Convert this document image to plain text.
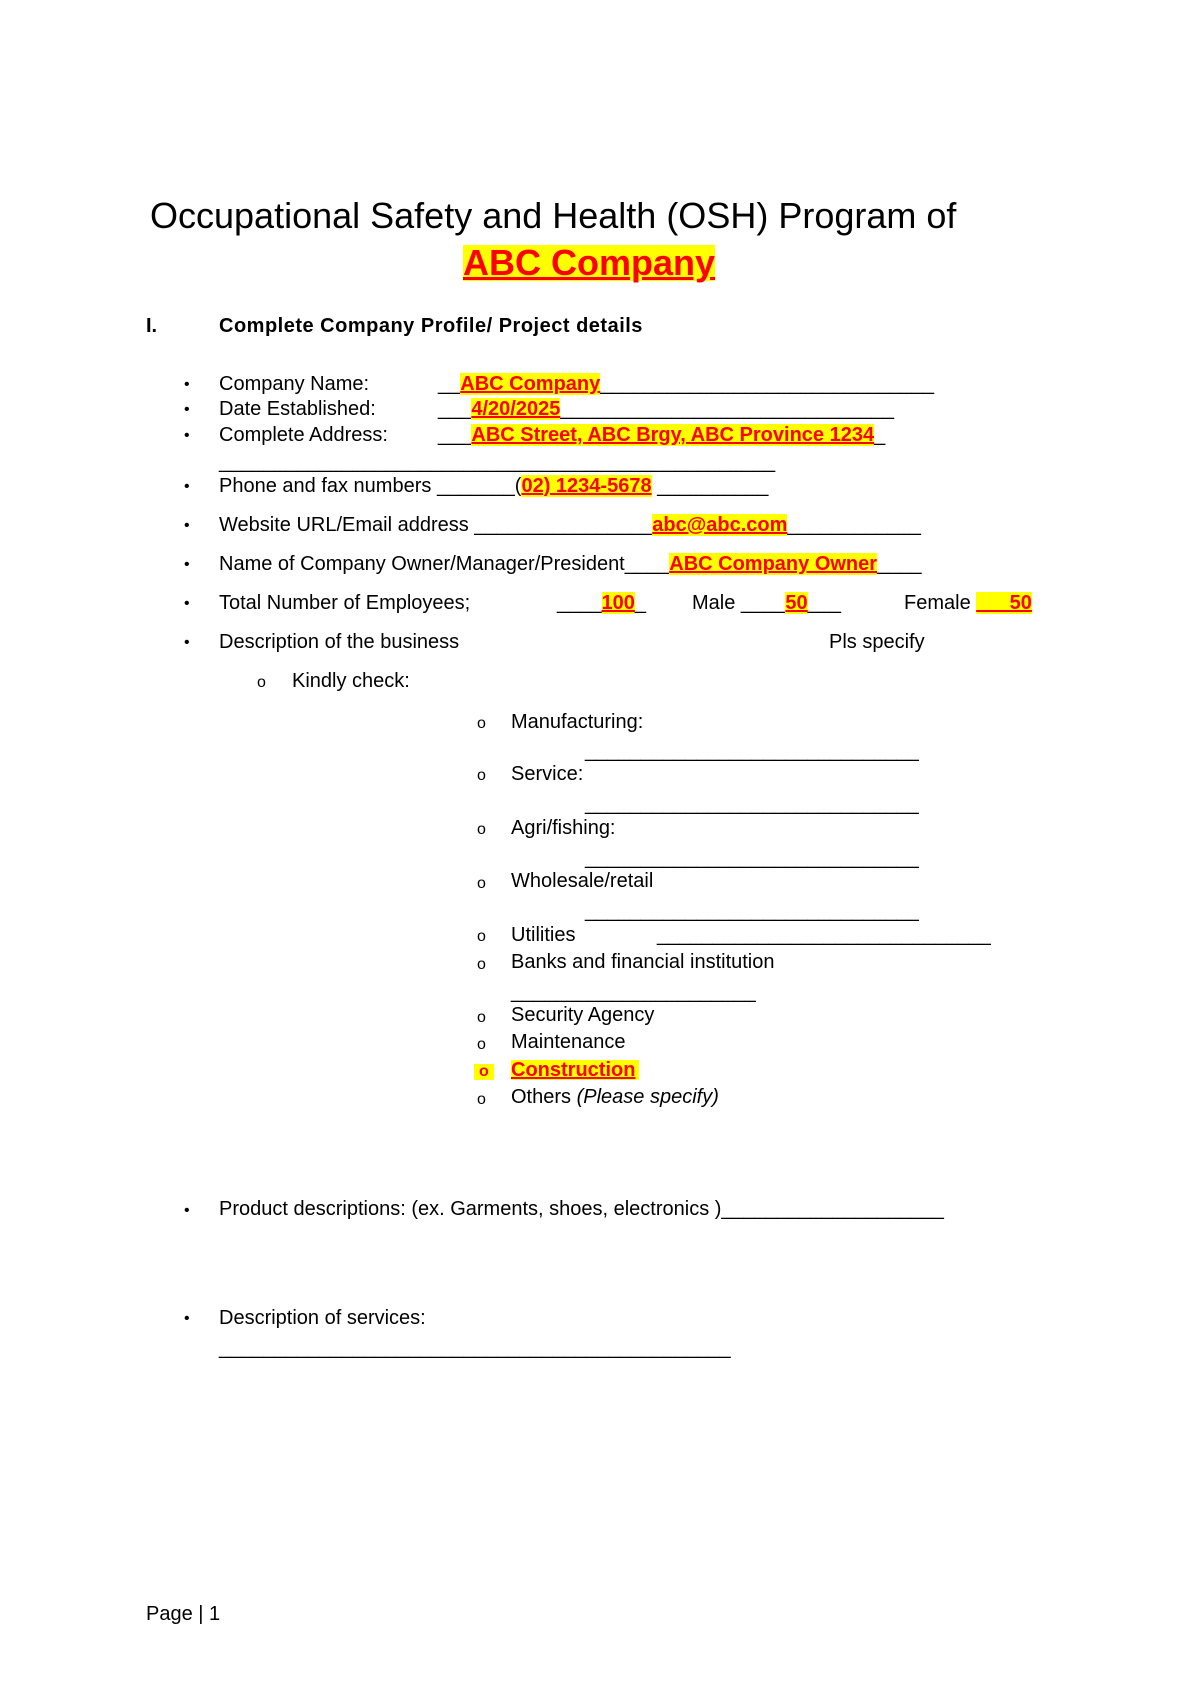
Occupational Safety and Health (OSH) Program of
ABC Company
I.	Complete Company Profile/ Project details
• Company Name:	__ABC Company______________________________
• Date Established:	___4/20/2025______________________________
• Complete Address:	___ABC Street, ABC Brgy, ABC Province 1234_
__________________________________________________
• Phone and fax numbers _______(02) 1234-5678 __________
• Website URL/Email address ________________abc@abc.com____________
• Name of Company Owner/Manager/President____ABC Company Owner____
• Total Number of Employees;	____100_ Male ____50___	Female ___50
• Description of the business	Pls specify
o Kindly check:
o Manufacturing:
______________________________
o Service:
______________________________
o Agri/fishing:
______________________________
o Wholesale/retail
______________________________
o Utilities	______________________________
o Banks and financial institution
______________________
o Security Agency
o Maintenance
o Construction
o Others (Please specify)
• Product descriptions: (ex. Garments, shoes, electronics )____________________
• Description of services:
______________________________________________
Page | 1
